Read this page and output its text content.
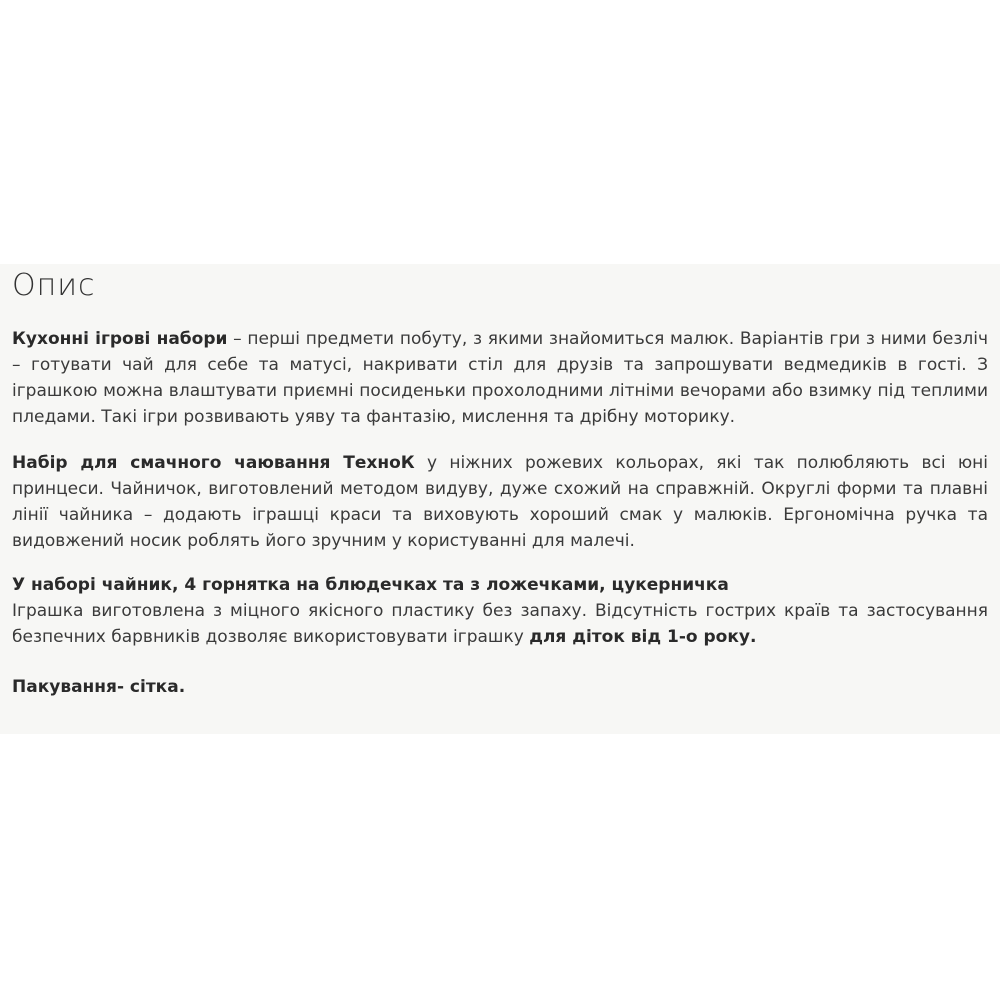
Опис

Кухонні ігрові набори – перші предмети побуту, з якими знайомиться малюк. Варіантів гри з ними безліч – готувати чай для себе та матусі, накривати стіл для друзів та запрошувати ведмедиків в гості. З іграшкою можна влаштувати приємні посиденьки прохолодними літніми вечорами або взимку під теплими пледами. Такі ігри розвивають уяву та фантазію, мислення та дрібну моторику.

Набір для смачного чаювання ТехноК у ніжних рожевих кольорах, які так полюбляють всі юні принцеси. Чайничок, виготовлений методом видуву, дуже схожий на справжній. Округлі форми та плавні лінії чайника – додають іграшці краси та виховують хороший смак у малюків. Ергономічна ручка та видовжений носик роблять його зручним у користуванні для малечі.

У наборі чайник, 4 горнятка на блюдечках та з ложечками, цукерничка
Іграшка виготовлена з міцного якісного пластику без запаху. Відсутність гострих країв та застосування безпечних барвників дозволяє використовувати іграшку для діток від 1-о року.

Пакування- сітка.
